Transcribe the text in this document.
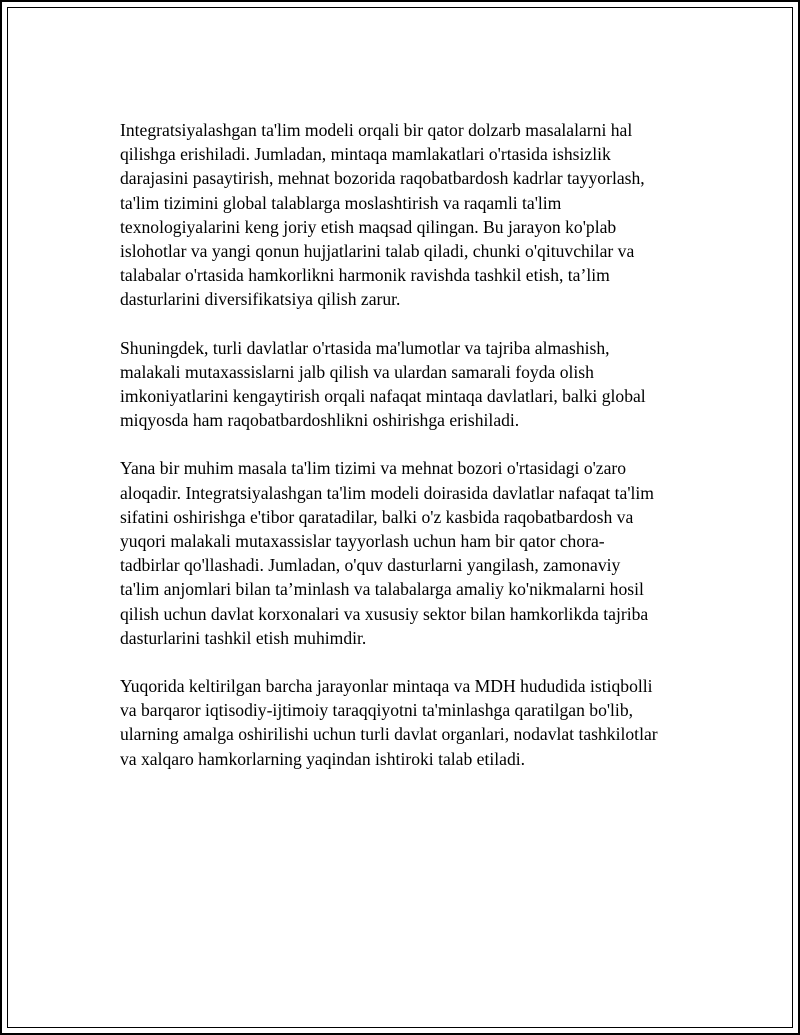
Integratsiyalashgan ta'lim modeli orqali bir qator dolzarb masalalarni hal
qilishga erishiladi. Jumladan, mintaqa mamlakatlari o'rtasida ishsizlik
darajasini pasaytirish, mehnat bozorida raqobatbardosh kadrlar tayyorlash,
ta'lim tizimini global talablarga moslashtirish va raqamli ta'lim
texnologiyalarini keng joriy etish maqsad qilingan. Bu jarayon ko'plab
islohotlar va yangi qonun hujjatlarini talab qiladi, chunki o'qituvchilar va
talabalar o'rtasida hamkorlikni harmonik ravishda tashkil etish, ta’lim
dasturlarini diversifikatsiya qilish zarur.

Shuningdek, turli davlatlar o'rtasida ma'lumotlar va tajriba almashish,
malakali mutaxassislarni jalb qilish va ulardan samarali foyda olish
imkoniyatlarini kengaytirish orqali nafaqat mintaqa davlatlari, balki global
miqyosda ham raqobatbardoshlikni oshirishga erishiladi.

Yana bir muhim masala ta'lim tizimi va mehnat bozori o'rtasidagi o'zaro
aloqadir. Integratsiyalashgan ta'lim modeli doirasida davlatlar nafaqat ta'lim
sifatini oshirishga e'tibor qaratadilar, balki o'z kasbida raqobatbardosh va
yuqori malakali mutaxassislar tayyorlash uchun ham bir qator chora-
tadbirlar qo'llashadi. Jumladan, o'quv dasturlarni yangilash, zamonaviy
ta'lim anjomlari bilan ta’minlash va talabalarga amaliy ko'nikmalarni hosil
qilish uchun davlat korxonalari va xususiy sektor bilan hamkorlikda tajriba
dasturlarini tashkil etish muhimdir.

Yuqorida keltirilgan barcha jarayonlar mintaqa va MDH hududida istiqbolli
va barqaror iqtisodiy-ijtimoiy taraqqiyotni ta'minlashga qaratilgan bo'lib,
ularning amalga oshirilishi uchun turli davlat organlari, nodavlat tashkilotlar
va xalqaro hamkorlarning yaqindan ishtiroki talab etiladi.
